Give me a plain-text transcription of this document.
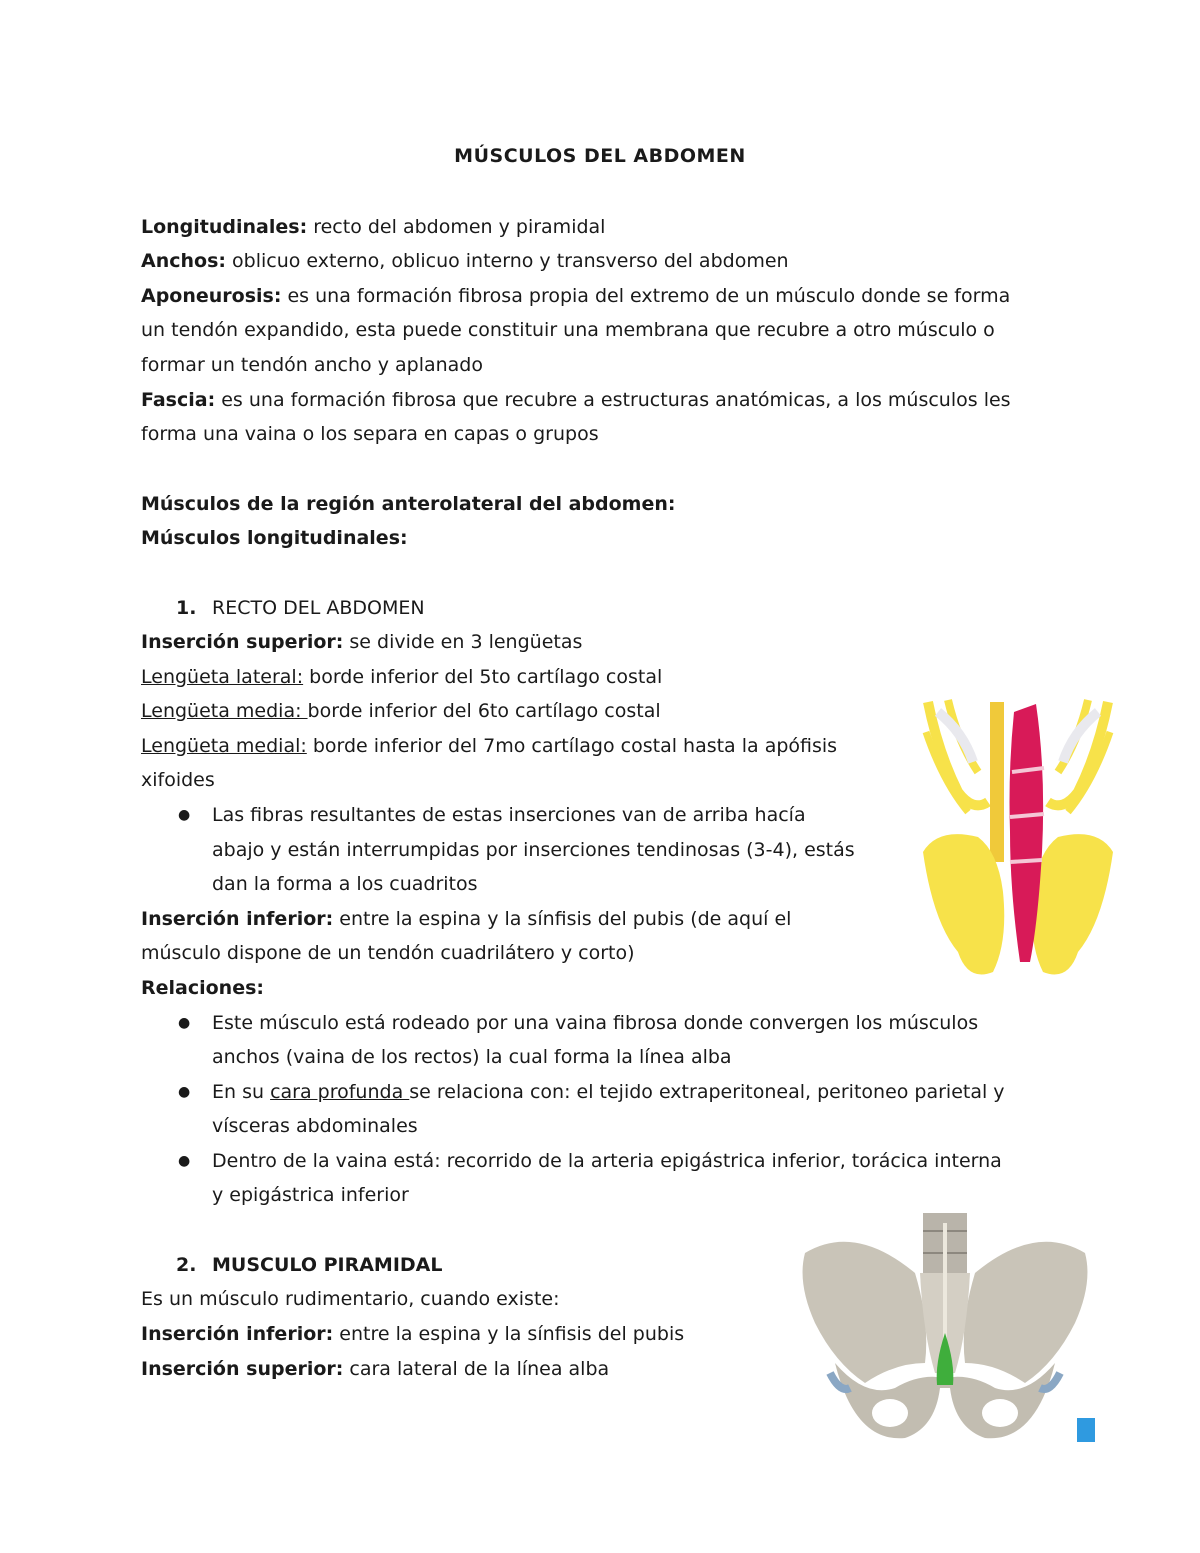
MÚSCULOS DEL ABDOMEN
Longitudinales: recto del abdomen y piramidal
Anchos: oblicuo externo, oblicuo interno y transverso del abdomen
Aponeurosis: es una formación fibrosa propia del extremo de un músculo donde se forma
un tendón expandido, esta puede constituir una membrana que recubre a otro músculo o
formar un tendón ancho y aplanado
Fascia: es una formación fibrosa que recubre a estructuras anatómicas, a los músculos les
forma una vaina o los separa en capas o grupos
Músculos de la región anterolateral del abdomen:
Músculos longitudinales:
1. RECTO DEL ABDOMEN
Inserción superior: se divide en 3 lengüetas
Lengüeta lateral: borde inferior del 5to cartílago costal
Lengüeta media: borde inferior del 6to cartílago costal
Lengüeta medial: borde inferior del 7mo cartílago costal hasta la apófisis
xifoides
● Las fibras resultantes de estas inserciones van de arriba hacía
abajo y están interrumpidas por inserciones tendinosas (3-4), estás
dan la forma a los cuadritos
Inserción inferior: entre la espina y la sínfisis del pubis (de aquí el
músculo dispone de un tendón cuadrilátero y corto)
Relaciones:
● Este músculo está rodeado por una vaina fibrosa donde convergen los músculos
anchos (vaina de los rectos) la cual forma la línea alba
● En su cara profunda se relaciona con: el tejido extraperitoneal, peritoneo parietal y
vísceras abdominales
● Dentro de la vaina está: recorrido de la arteria epigástrica inferior, torácica interna
y epigástrica inferior
2. MUSCULO PIRAMIDAL
Es un músculo rudimentario, cuando existe:
Inserción inferior: entre la espina y la sínfisis del pubis
Inserción superior: cara lateral de la línea alba
